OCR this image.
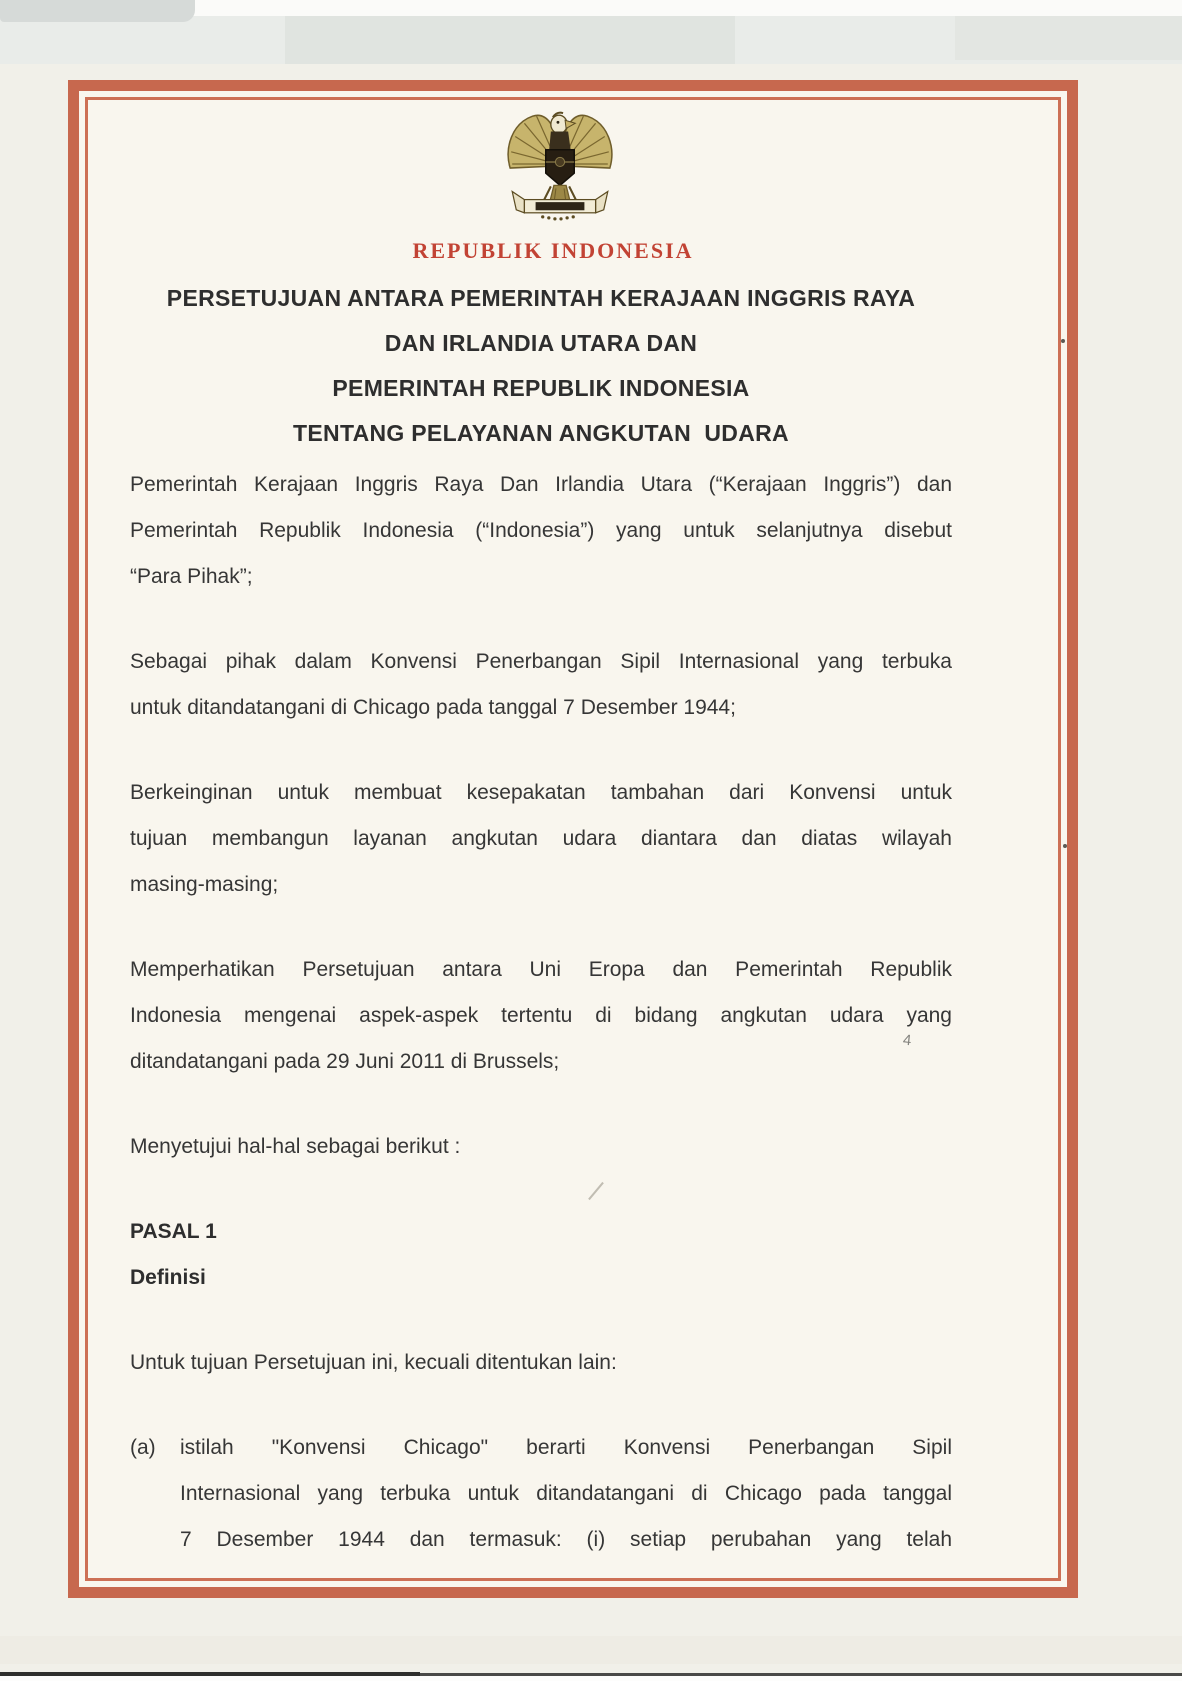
REPUBLIK INDONESIA
PERSETUJUAN ANTARA PEMERINTAH KERAJAAN INGGRIS RAYA
DAN IRLANDIA UTARA DAN
PEMERINTAH REPUBLIK INDONESIA
TENTANG PELAYANAN ANGKUTAN  UDARA
Pemerintah Kerajaan Inggris Raya Dan Irlandia Utara (“Kerajaan Inggris”) dan
Pemerintah Republik Indonesia (“Indonesia”) yang untuk selanjutnya disebut
“Para Pihak”;
Sebagai pihak dalam Konvensi Penerbangan Sipil Internasional yang terbuka
untuk ditandatangani di Chicago pada tanggal 7 Desember 1944;
Berkeinginan untuk membuat kesepakatan tambahan dari Konvensi untuk
tujuan membangun layanan angkutan udara diantara dan diatas wilayah
masing-masing;
Memperhatikan Persetujuan antara Uni Eropa dan Pemerintah Republik
Indonesia mengenai aspek-aspek tertentu di bidang angkutan udara yang
ditandatangani pada 29 Juni 2011 di Brussels;
Menyetujui hal-hal sebagai berikut :
PASAL 1
Definisi
Untuk tujuan Persetujuan ini, kecuali ditentukan lain:
(a)	istilah "Konvensi Chicago" berarti Konvensi Penerbangan Sipil
Internasional yang terbuka untuk ditandatangani di Chicago pada tanggal
7 Desember 1944 dan termasuk: (i) setiap perubahan yang telah
4
